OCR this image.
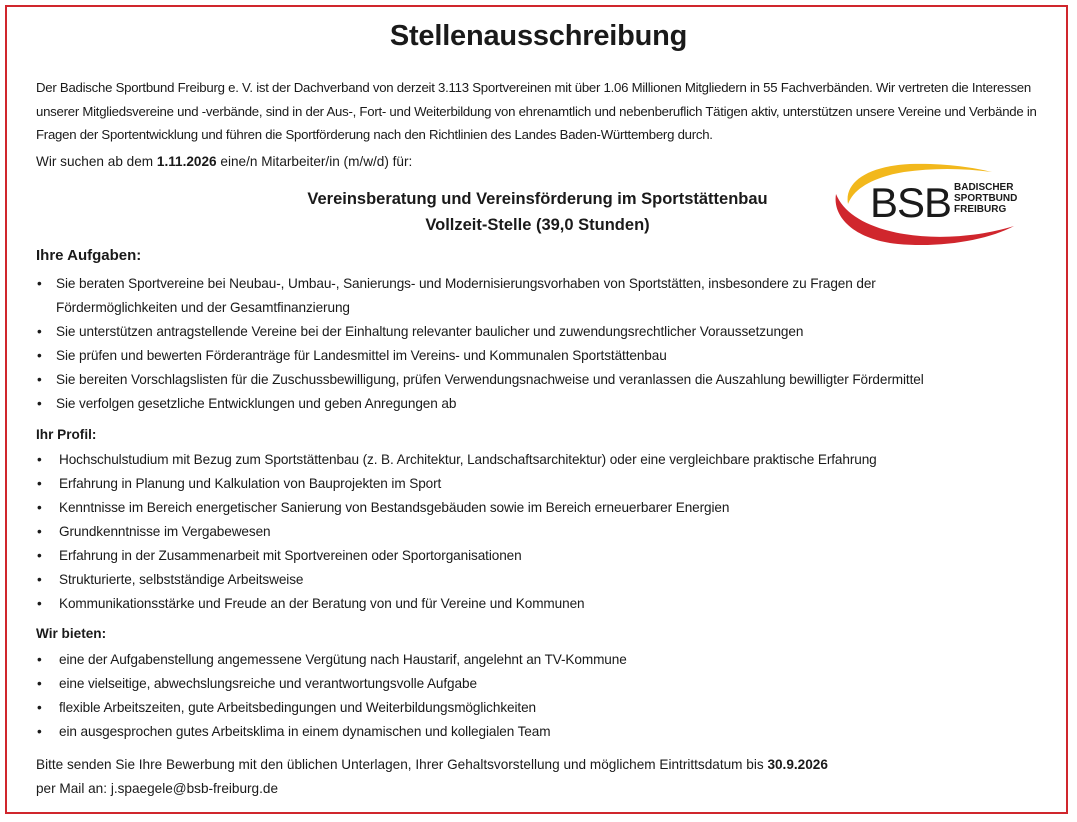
Stellenausschreibung
Der Badische Sportbund Freiburg e. V. ist der Dachverband von derzeit 3.113 Sportvereinen mit über 1.06 Millionen Mitgliedern in 55 Fachverbänden. Wir vertreten die Interessen unserer Mitgliedsvereine und -verbände, sind in der Aus-, Fort- und Weiterbildung von ehrenamtlich und nebenberuflich Tätigen aktiv, unterstützen unsere Vereine und Verbände in Fragen der Sportentwicklung und führen die Sportförderung nach den Richtlinien des Landes Baden-Württemberg durch.
Wir suchen ab dem 1.11.2026 eine/n Mitarbeiter/in (m/w/d) für:
Vereinsberatung und Vereinsförderung im Sportstättenbau
Vollzeit-Stelle (39,0 Stunden)	BSB BADISCHER
SPORTBUND
FREIBURG
Ihre Aufgaben:
• Sie beraten Sportvereine bei Neubau-, Umbau-, Sanierungs- und Modernisierungsvorhaben von Sportstätten, insbesondere zu Fragen der Fördermöglichkeiten und der Gesamtfinanzierung
• Sie unterstützen antragstellende Vereine bei der Einhaltung relevanter baulicher und zuwendungsrechtlicher Voraussetzungen
• Sie prüfen und bewerten Förderanträge für Landesmittel im Vereins- und Kommunalen Sportstättenbau
• Sie bereiten Vorschlagslisten für die Zuschussbewilligung, prüfen Verwendungsnachweise und veranlassen die Auszahlung bewilligter Fördermittel
• Sie verfolgen gesetzliche Entwicklungen und geben Anregungen ab
Ihr Profil:
• Hochschulstudium mit Bezug zum Sportstättenbau (z. B. Architektur, Landschaftsarchitektur) oder eine vergleichbare praktische Erfahrung
• Erfahrung in Planung und Kalkulation von Bauprojekten im Sport
• Kenntnisse im Bereich energetischer Sanierung von Bestandsgebäuden sowie im Bereich erneuerbarer Energien
• Grundkenntnisse im Vergabewesen
• Erfahrung in der Zusammenarbeit mit Sportvereinen oder Sportorganisationen
• Strukturierte, selbstständige Arbeitsweise
• Kommunikationsstärke und Freude an der Beratung von und für Vereine und Kommunen
Wir bieten:
• eine der Aufgabenstellung angemessene Vergütung nach Haustarif, angelehnt an TV-Kommune
• eine vielseitige, abwechslungsreiche und verantwortungsvolle Aufgabe
• flexible Arbeitszeiten, gute Arbeitsbedingungen und Weiterbildungsmöglichkeiten
• ein ausgesprochen gutes Arbeitsklima in einem dynamischen und kollegialen Team
Bitte senden Sie Ihre Bewerbung mit den üblichen Unterlagen, Ihrer Gehaltsvorstellung und möglichem Eintrittsdatum bis 30.9.2026
per Mail an: j.spaegele@bsb-freiburg.de
